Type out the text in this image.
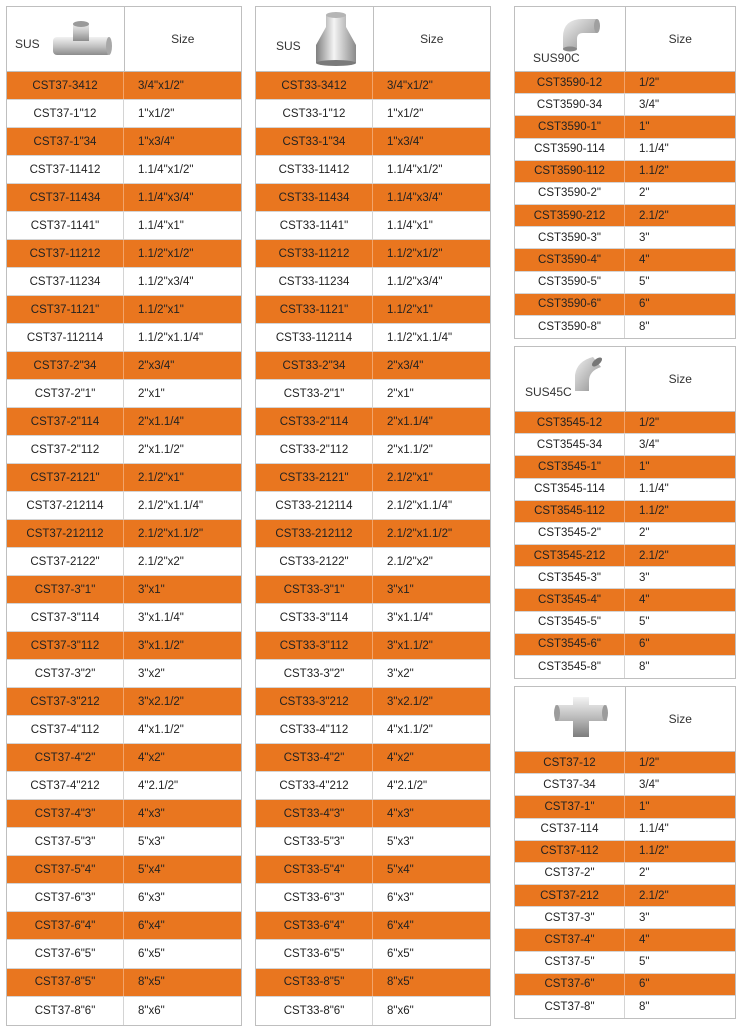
SUS	Size
CST37-3412	3/4"x1/2"
CST37-1"12	1"x1/2"
CST37-1"34	1"x3/4"
CST37-11412	1.1/4"x1/2"
CST37-11434	1.1/4"x3/4"
CST37-1141"	1.1/4"x1"
CST37-11212	1.1/2"x1/2"
CST37-11234	1.1/2"x3/4"
CST37-1121"	1.1/2"x1"
CST37-112114	1.1/2"x1.1/4"
CST37-2"34	2"x3/4"
CST37-2"1"	2"x1"
CST37-2"114	2"x1.1/4"
CST37-2"112	2"x1.1/2"
CST37-2121"	2.1/2"x1"
CST37-212114	2.1/2"x1.1/4"
CST37-212112	2.1/2"x1.1/2"
CST37-2122"	2.1/2"x2"
CST37-3"1"	3"x1"
CST37-3"114	3"x1.1/4"
CST37-3"112	3"x1.1/2"
CST37-3"2"	3"x2"
CST37-3"212	3"x2.1/2"
CST37-4"112	4"x1.1/2"
CST37-4"2"	4"x2"
CST37-4"212	4"2.1/2"
CST37-4"3"	4"x3"
CST37-5"3"	5"x3"
CST37-5"4"	5"x4"
CST37-6"3"	6"x3"
CST37-6"4"	6"x4"
CST37-6"5"	6"x5"
CST37-8"5"	8"x5"
CST37-8"6"	8"x6"
SUS	Size
CST33-3412	3/4"x1/2"
CST33-1"12	1"x1/2"
CST33-1"34	1"x3/4"
CST33-11412	1.1/4"x1/2"
CST33-11434	1.1/4"x3/4"
CST33-1141"	1.1/4"x1"
CST33-11212	1.1/2"x1/2"
CST33-11234	1.1/2"x3/4"
CST33-1121"	1.1/2"x1"
CST33-112114	1.1/2"x1.1/4"
CST33-2"34	2"x3/4"
CST33-2"1"	2"x1"
CST33-2"114	2"x1.1/4"
CST33-2"112	2"x1.1/2"
CST33-2121"	2.1/2"x1"
CST33-212114	2.1/2"x1.1/4"
CST33-212112	2.1/2"x1.1/2"
CST33-2122"	2.1/2"x2"
CST33-3"1"	3"x1"
CST33-3"114	3"x1.1/4"
CST33-3"112	3"x1.1/2"
CST33-3"2"	3"x2"
CST33-3"212	3"x2.1/2"
CST33-4"112	4"x1.1/2"
CST33-4"2"	4"x2"
CST33-4"212	4"2.1/2"
CST33-4"3"	4"x3"
CST33-5"3"	5"x3"
CST33-5"4"	5"x4"
CST33-6"3"	6"x3"
CST33-6"4"	6"x4"
CST33-6"5"	6"x5"
CST33-8"5"	8"x5"
CST33-8"6"	8"x6"
SUS90C
Size
CST3590-12	1/2"
CST3590-34	3/4"
CST3590-1"	1"
CST3590-114	1.1/4"
CST3590-112	1.1/2"
CST3590-2"	2"
CST3590-212	2.1/2"
CST3590-3"	3"
CST3590-4"	4"
CST3590-5"	5"
CST3590-6"	6"
CST3590-8"	8"
SUS45C
Size
CST3545-12	1/2"
CST3545-34	3/4"
CST3545-1"	1"
CST3545-114	1.1/4"
CST3545-112	1.1/2"
CST3545-2"	2"
CST3545-212	2.1/2"
CST3545-3"	3"
CST3545-4"	4"
CST3545-5"	5"
CST3545-6"	6"
CST3545-8"	8"
Size
CST37-12	1/2"
CST37-34	3/4"
CST37-1"	1"
CST37-114	1.1/4"
CST37-112	1.1/2"
CST37-2"	2"
CST37-212	2.1/2"
CST37-3"	3"
CST37-4"	4"
CST37-5"	5"
CST37-6"	6"
CST37-8"	8"
